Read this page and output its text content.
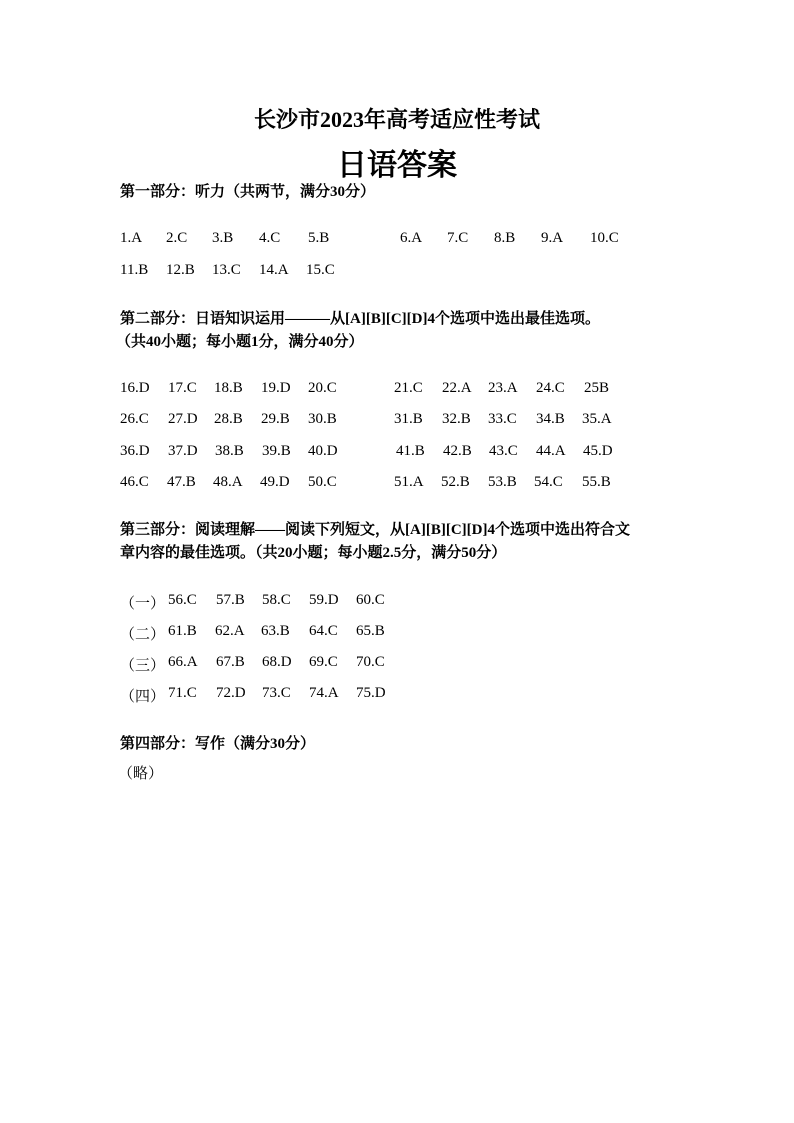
长沙市2023年高考适应性考试
日语答案
第一部分：听力（共两节，满分30分）
1.A 2.C 3.B 4.C 5.B	6.A 7.C 8.B 9.A 10.C
11.B 12.B 13.C 14.A 15.C
第二部分：日语知识运用———从[A][B][C][D]4个选项中选出最佳选项。
（共40小题；每小题1分，满分40分）
16.D 17.C 18.B 19.D 20.C	21.C 22.A 23.A 24.C 25B
26.C 27.D 28.B 29.B 30.B	31.B 32.B 33.C 34.B 35.A
36.D 37.D 38.B 39.B 40.D	41.B 42.B 43.C 44.A 45.D
46.C 47.B 48.A 49.D 50.C	51.A 52.B 53.B 54.C 55.B
第三部分：阅读理解——阅读下列短文，从[A][B][C][D]4个选项中选出符合文
章内容的最佳选项。（共20小题；每小题2.5分，满分50分）
（一） 56.C 57.B 58.C 59.D 60.C
（二） 61.B 62.A 63.B 64.C 65.B
（三） 66.A 67.B 68.D 69.C 70.C
（四） 71.C 72.D 73.C 74.A 75.D
第四部分：写作（满分30分）
（略）
